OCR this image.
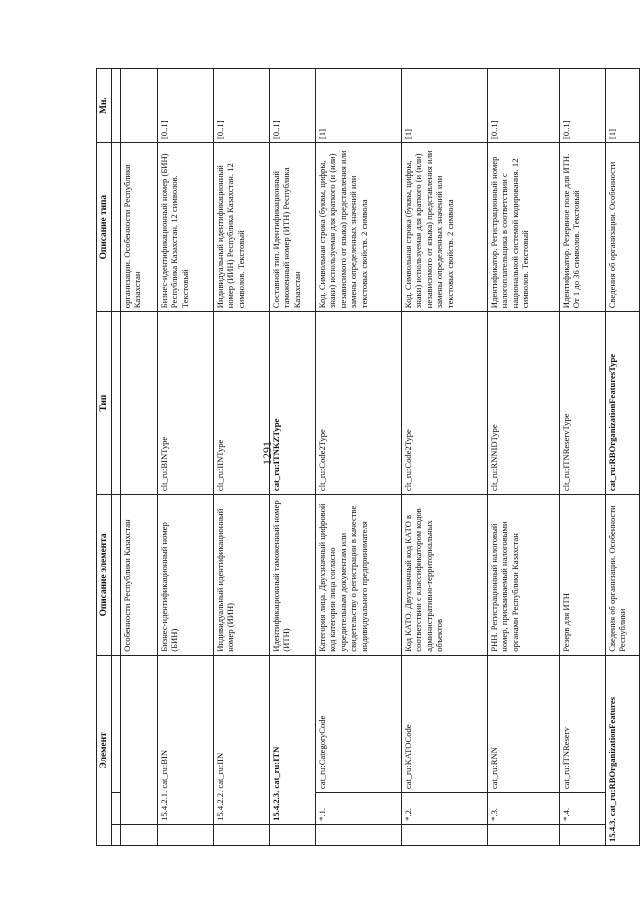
1291
Элемент			Описание элемента	Тип	Описание типа	Мн.

			Особенности Республики Казахстан		организации. Особенности Республики Казахстан	
	15.4.2.1. cat_ru:BIN		Бизнес-идентификационный номер (БИН)	clt_ru:BINType	Бизнес-идентификационный номер (БИН) Республика Казахстан. 12 символов. Текстовый	[0..1]
	15.4.2.2. cat_ru:IIN		Индивидуальный идентификационный номер (ИИН)	clt_ru:IINType	Индивидуальный идентификационный номер (ИИН) Республика Казахстан. 12 символов. Текстовый	[0..1]
	15.4.2.3. cat_ru:ITN		Идентификационный таможенный номер (ИТН)	cat_ru:ITNKZType	Составной тип. Идентификационный таможенный номер (ИТН) Республика Казахстан	[0..1]
	*.1.	cat_ru:CategoryCode	Категория лица. Двухзначный цифровой код категории лица согласно учредительным документам или свидетельству о регистрации в качестве индивидуального предпринимателя	clt_ru:Code2Type	Код. Символьная строка (буквы, цифры, знаки) используемая для краткого (и (или) независимого от языка) представления или замены определенных значений или текстовых свойств. 2 символа	[1]
	*.2.	cat_ru:KATOCode	Код КАТО. Двухзначный код КАТО в соответствии с классификатором кодов административно-территориальных объектов	clt_ru:Code2Type	Код. Символьная строка (буквы, цифры, знаки) используемая для краткого (и (или) независимого от языка) представления или замены определенных значений или текстовых свойств. 2 символа	[1]
	*.3.	cat_ru:RNN	РНН. Регистрационный налоговый номер, присваиваемый налоговыми органами Республики Казахстан	clt_ru:RNNIDType	Идентификатор. Регистрационный номер налогоплательщика в соответствии с национальной системой кодирования. 12 символов. Текстовый	[0..1]
	*.4.	cat_ru:ITNReserv	Резерв для ИТН	clt_ru:ITNReservType	Идентификатор. Резервное поле для ИТН. От 1 до 36 символов. Текстовый	[0..1]

15.4.3. cat_ru:RBOrganizationFeatures			Сведения об организации. Особенности Республики	cat_ru:RBOrganizationFeaturesType	Сведения об организации. Особенности	[1]
